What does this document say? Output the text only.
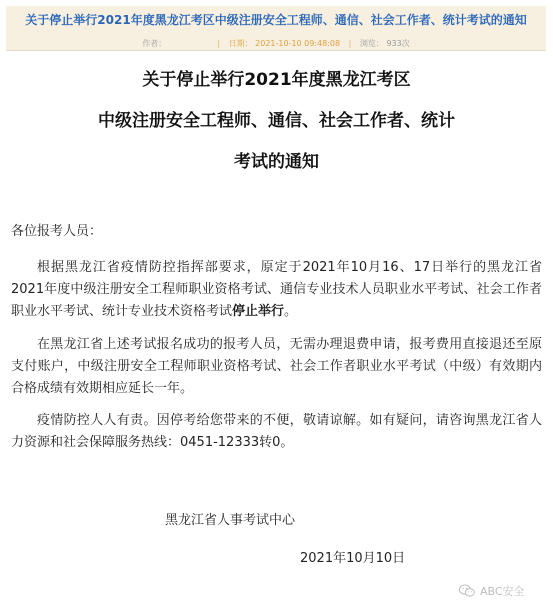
关于停止举行2021年度黑龙江考区中级注册安全工程师、通信、社会工作者、统计考试的通知
作者：	| 日期： 2021-10-10 09:48:08 | 浏览： 933次
关于停止举行2021年度黑龙江考区
中级注册安全工程师、通信、社会工作者、统计
考试的通知

各位报考人员：

根据黑龙江省疫情防控指挥部要求，原定于2021年10月16、17日举行的黑龙江省2021年度中级注册安全工程师职业资格考试、通信专业技术人员职业水平考试、社会工作者职业水平考试、统计专业技术资格考试停止举行。

在黑龙江省上述考试报名成功的报考人员，无需办理退费申请，报考费用直接退还至原支付账户，中级注册安全工程师职业资格考试、社会工作者职业水平考试（中级）有效期内合格成绩有效期相应延长一年。

疫情防控人人有责。因停考给您带来的不便，敬请谅解。如有疑问，请咨询黑龙江省人力资源和社会保障服务热线：0451-12333转0。

黑龙江省人事考试中心
2021年10月10日
ABC安全
